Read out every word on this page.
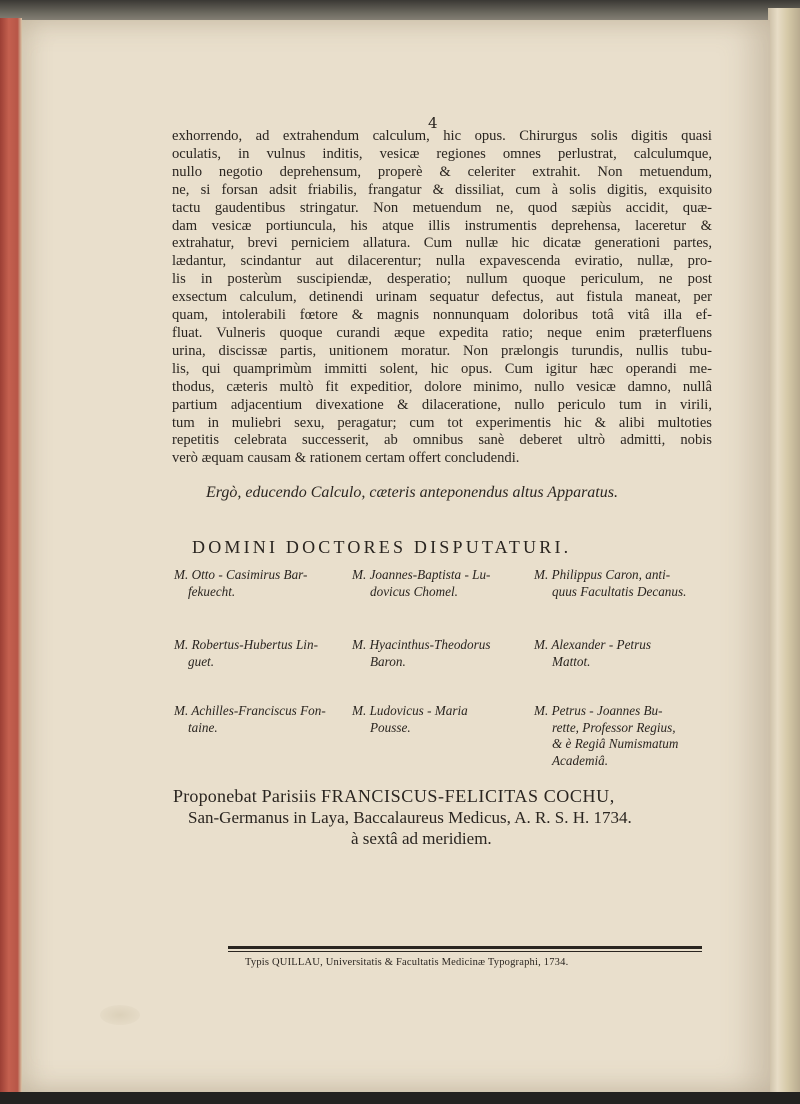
4
exhorrendo, ad extrahendum calculum, hic opus. Chirurgus solis digitis quasi
oculatis, in vulnus inditis, vesicæ regiones omnes perlustrat, calculumque,
nullo negotio deprehensum, properè & celeriter extrahit. Non metuendum,
ne, si forsan adsit friabilis, frangatur & dissiliat, cum à solis digitis, exquisito
tactu gaudentibus stringatur. Non metuendum ne, quod sæpiùs accidit, quæ-
dam vesicæ portiuncula, his atque illis instrumentis deprehensa, laceretur &
extrahatur, brevi perniciem allatura. Cum nullæ hic dicatæ generationi partes,
lædantur, scindantur aut dilacerentur; nulla expavescenda eviratio, nullæ, pro-
lis in posterùm suscipiendæ, desperatio; nullum quoque periculum, ne post
exsectum calculum, detinendi urinam sequatur defectus, aut fistula maneat, per
quam, intolerabili fœtore & magnis nonnunquam doloribus totâ vitâ illa ef-
fluat. Vulneris quoque curandi æque expedita ratio; neque enim præterfluens
urina, discissæ partis, unitionem moratur. Non prælongis turundis, nullis tubu-
lis, qui quamprimùm immitti solent, hic opus. Cum igitur hæc operandi me-
thodus, cæteris multò fit expeditior, dolore minimo, nullo vesicæ damno, nullâ
partium adjacentium divexatione & dilaceratione, nullo periculo tum in virili,
tum in muliebri sexu, peragatur; cum tot experimentis hic & alibi multoties
repetitis celebrata successerit, ab omnibus sanè deberet ultrò admitti, nobis
verò æquam causam & rationem certam offert concludendi.
Ergò, educendo Calculo, cæteris anteponendus altus Apparatus.
DOMINI DOCTORES DISPUTATURI.
M. Otto - Casimirus Bar-
fekuecht.
M. Joannes-Baptista - Lu-
dovicus Chomel.
M. Philippus Caron, anti-
quus Facultatis Decanus.
M. Robertus-Hubertus Lin-
guet.
M. Hyacinthus-Theodorus
Baron.
M. Alexander - Petrus
Mattot.
M. Achilles-Franciscus Fon-
taine.
M. Ludovicus - Maria
Pousse.
M. Petrus - Joannes Bu-
rette, Professor Regius,
& è Regiâ Numismatum
Academiâ.
Proponebat Parisiis FRANCISCUS-FELICITAS COCHU,
San-Germanus in Laya, Baccalaureus Medicus, A. R. S. H. 1734.
à sextâ ad meridiem.
Typis QUILLAU, Universitatis & Facultatis Medicinæ Typographi, 1734.
